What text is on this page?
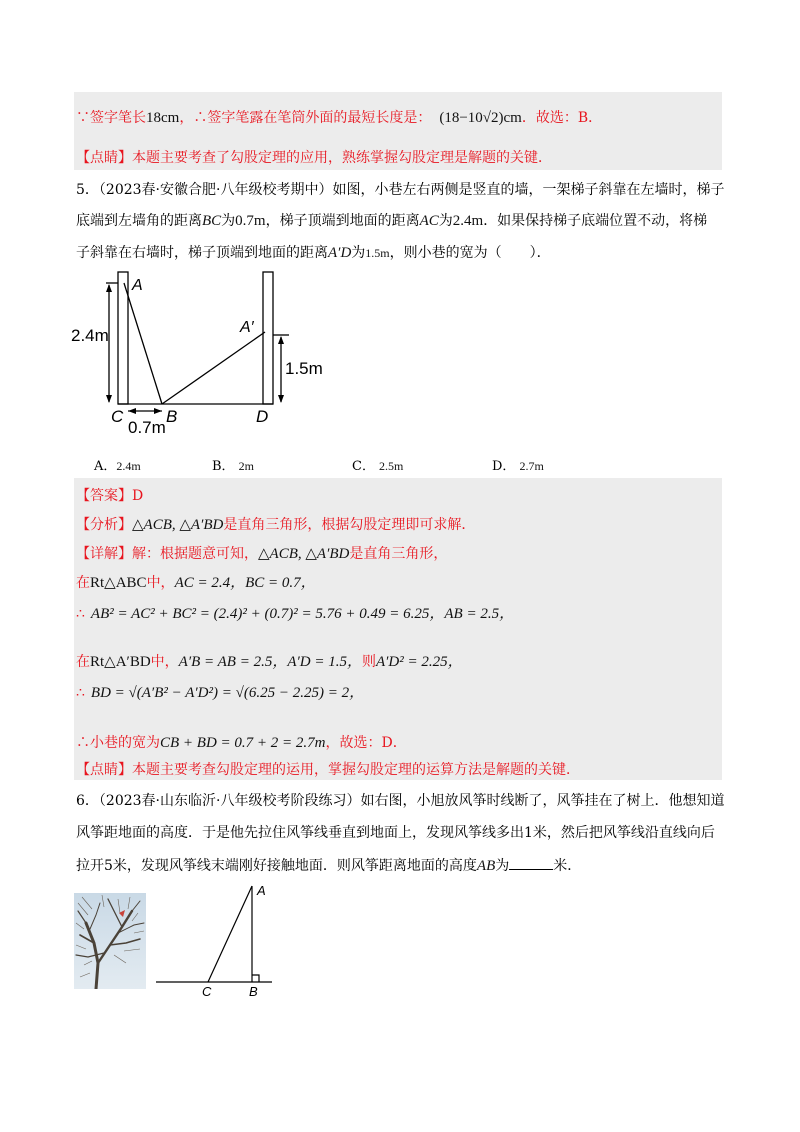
∵签字笔长18cm，∴签字笔露在笔筒外面的最短长度是： (18−10√2)cm．故选：B．
【点睛】本题主要考查了勾股定理的应用，熟练掌握勾股定理是解题的关键．
5．（2023春·安徽合肥·八年级校考期中）如图，小巷左右两侧是竖直的墙，一架梯子斜靠在左墙时，梯子
底端到左墙角的距离BC为0.7m，梯子顶端到地面的距离AC为2.4m．如果保持梯子底端位置不动，将梯
子斜靠在右墙时，梯子顶端到地面的距离A′D为1.5m，则小巷的宽为（　　）．
A
A′
C	B	D
2.4m
1.5m
0.7m
A．2.4m	B． 2m	C． 2.5m	D． 2.7m
【答案】D
【分析】△ACB, △A′BD是直角三角形，根据勾股定理即可求解．
【详解】解：根据题意可知，△ACB, △A′BD是直角三角形，
在Rt△ABC中，AC = 2.4，BC = 0.7，
∴ AB² = AC² + BC² = (2.4)² + (0.7)² = 5.76 + 0.49 = 6.25，AB = 2.5，
在Rt△A′BD中，A′B = AB = 2.5，A′D = 1.5，则A′D² = 2.25，
∴ BD = √(A′B² − A′D²) = √(6.25 − 2.25) = 2，
∴小巷的宽为CB + BD = 0.7 + 2 = 2.7m，故选：D．
【点睛】本题主要考查勾股定理的运用，掌握勾股定理的运算方法是解题的关键．
6．（2023春·山东临沂·八年级校考阶段练习）如右图，小旭放风筝时线断了，风筝挂在了树上．他想知道
风筝距地面的高度．于是他先拉住风筝线垂直到地面上，发现风筝线多出1米，然后把风筝线沿直线向后
拉开5米，发现风筝线末端刚好接触地面．则风筝距离地面的高度AB为	米．
A
C	B
